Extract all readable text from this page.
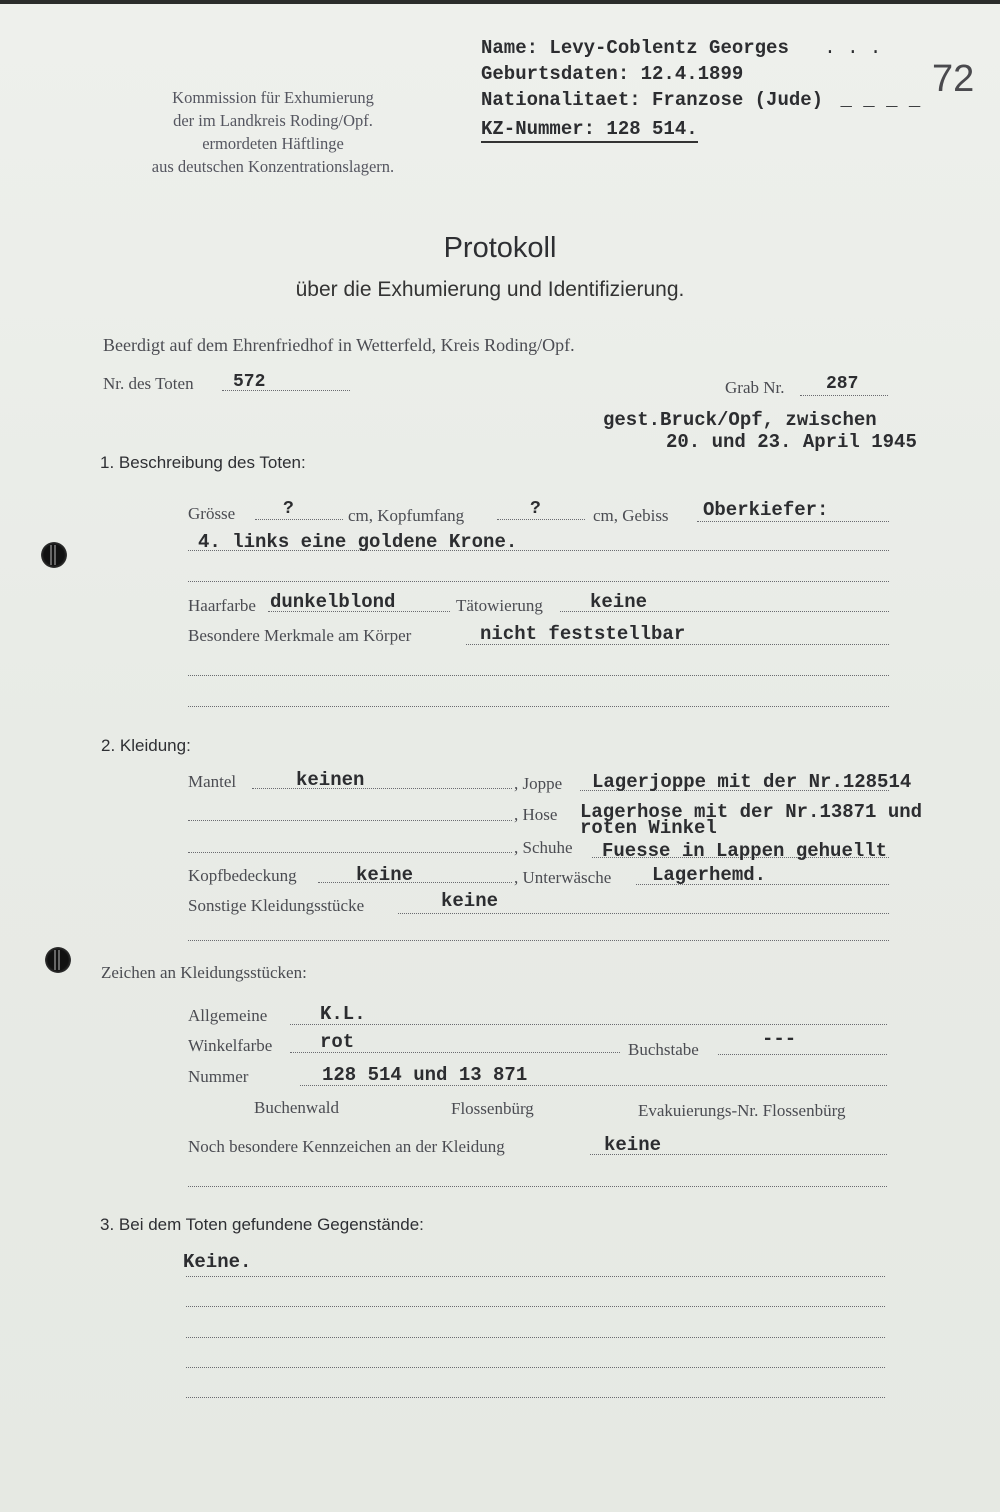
Kommission für Exhumierung
der im Landkreis Roding/Opf.
ermordeten Häftlinge
aus deutschen Konzentrationslagern.
Name: Levy-Coblentz Georges . . .
Geburtsdaten: 12.4.1899
Nationalitaet: Franzose (Jude) _ _ _ _
KZ-Nummer: 128 514.
72
Protokoll
über die Exhumierung und Identifizierung.
Beerdigt auf dem Ehrenfriedhof in Wetterfeld, Kreis Roding/Opf.
Nr. des Toten 572	Grab Nr. 287
gest.Bruck/Opf, zwischen
20. und 23. April 1945
1. Beschreibung des Toten:
Grösse	?	cm, Kopfumfang	?	cm, Gebiss Oberkiefer:
4. links eine goldene Krone.
Haarfarbe dunkelblond	Tätowierung keine
Besondere Merkmale am Körper	nicht feststellbar
2. Kleidung:
Mantel	keinen	, Joppe Lagerjoppe mit der Nr.128514
, Hose Lagerhose mit der Nr.13871 und
roten Winkel
, Schuhe Fuesse in Lappen gehuellt
Kopfbedeckung	keine	, Unterwäsche Lagerhemd.
Sonstige Kleidungsstücke	keine
Zeichen an Kleidungsstücken:
Allgemeine	K.L.
Winkelfarbe	rot	Buchstabe	---
Nummer	128 514 und 13 871
Buchenwald	Flossenbürg	Evakuierungs-Nr. Flossenbürg
Noch besondere Kennzeichen an der Kleidung	keine
3. Bei dem Toten gefundene Gegenstände:
Keine.
